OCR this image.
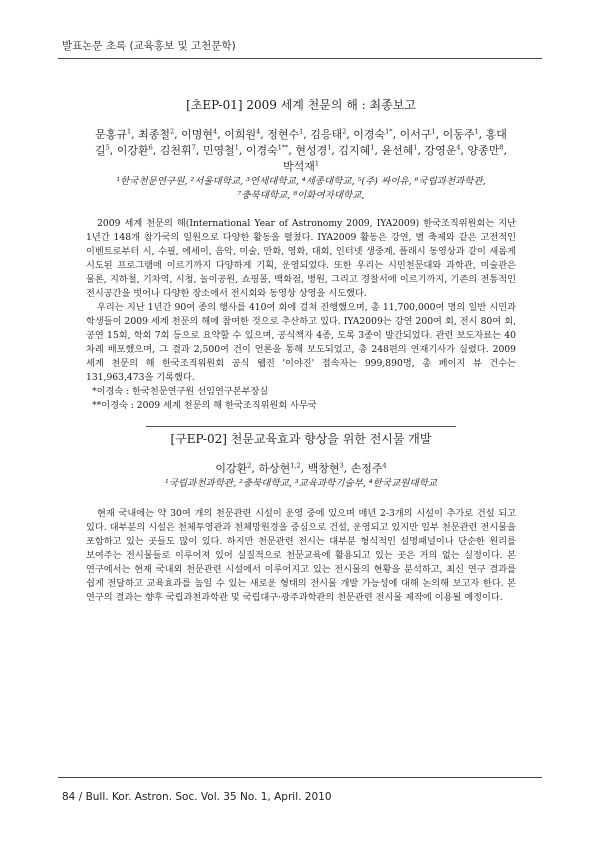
발표논문 초록 (교육홍보 및 고천문학)
[초EP-01] 2009 세계 천문의 해 : 최종보고
문홍규$^1$, 최종철$^2$, 이명현$^4$, 이희원$^4$, 정현수$^1$, 김응태$^2$, 이경숙$^{1*}$, 이서구$^1$, 이동주$^1$, 홍대길$^5$, 이강환$^6$, 김천휘$^7$, 민영철$^1$, 이경숙$^{1**}$, 현성경$^1$, 김지혜$^1$, 윤선혜$^1$, 강영운$^4$, 양종만$^8$, 박석재$^1$
¹한국천문연구원, ²서울대학교, ³연세대학교, ⁴세종대학교, ⁵(주) 싸이유, ⁶국립과천과학관,
⁷충북대학교, ⁸이화여자대학교,

2009 세계 천문의 해(International Year of Astronomy 2009, IYA2009) 한국조직위원회는 지난 1년간 148개 참가국의 일원으로 다양한 활동을 펼쳤다. IYA2009 활동은 강연, 별 축제와 같은 고전적인 이벤트로부터 시, 수필, 에세이, 음악, 미술, 만화, 영화, 대회, 인터넷 생중계, 플래시 동영상과 같이 새롭게 시도된 프로그램에 이르기까지 다양하게 기획, 운영되었다. 또한 우리는 시민천문대와 과학관, 미술관은 물론, 지하철, 기차역, 시청, 놀이공원, 쇼핑몰, 백화점, 병원, 그리고 경찰서에 이르기까지, 기존의 전통적인 전시공간을 벗어나 다양한 장소에서 전시회와 동영상 상영을 시도했다.

우리는 지난 1년간 90여 종의 행사를 410여 회에 걸쳐 진행했으며, 총 11,700,000여 명의 일반 시민과 학생들이 2009 세계 천문의 해에 참여한 것으로 추산하고 있다. IYA2009는 강연 200여 회, 전시 80여 회, 공연 15회, 학회 7회 등으로 요약할 수 있으며, 공식책자 4종, 도록 3종이 발간되었다. 관련 보도자료는 40 차례 배포했으며, 그 결과 2,500여 건이 언론을 통해 보도되었고, 총 248편의 연재기사가 실렸다. 2009 세계 천문의 해 한국조직위원회 공식 웹진 '이야진' 접속자는 999,890명, 총 페이지 뷰 건수는 131,963,473을 기록했다.

*이경숙 : 한국천문연구원 선임연구본부장실
**이경숙 : 2009 세계 천문의 해 한국조직위원회 사무국
[구EP-02] 천문교육효과 향상을 위한 전시물 개발
이강환$^2$, 하상현$^{1,2}$, 백창현$^3$, 손정주$^4$
¹국립과천과학관, ²충북대학교, ³교육과학기술부, ⁴한국교원대학교

현재 국내에는 약 30여 개의 천문관련 시설이 운영 중에 있으며 매년 2-3개의 시설이 추가로 건설 되고 있다. 대부분의 시설은 천체투영관과 천체망원경을 중심으로 건설, 운영되고 있지만 일부 천문관련 전시물을 포함하고 있는 곳들도 많이 있다. 하지만 천문관련 전시는 대부분 형식적인 설명패널이나 단순한 원리를 보여주는 전시물들로 이루어져 있어 실질적으로 천문교육에 활용되고 있는 곳은 거의 없는 실정이다. 본 연구에서는 현재 국내외 천문관련 시설에서 이루어지고 있는 전시물의 현황을 분석하고, 최신 연구 결과를 쉽게 전달하고 교육효과를 높일 수 있는 새로운 형태의 전시물 개발 가능성에 대해 논의해 보고자 한다. 본 연구의 결과는 향후 국립과천과학관 및 국립대구·광주과학관의 천문관련 전시물 제작에 이용될 예정이다.

84 / Bull. Kor. Astron. Soc. Vol. 35 No. 1, April. 2010
